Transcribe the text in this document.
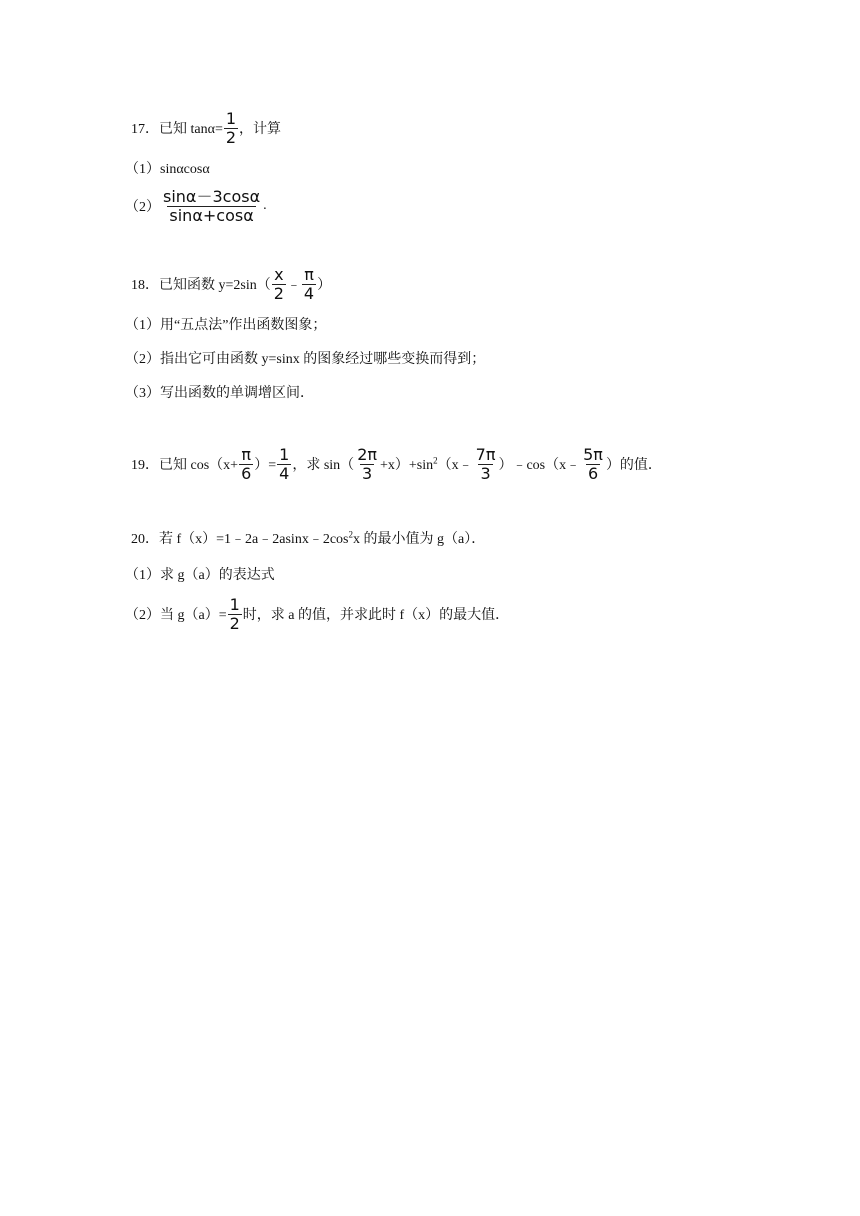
17．已知 $\tan\alpha= \frac{1}{2}$ ，计算
（1）sinαcosα
$(2) \frac{\sin\alpha-3\cos\alpha}{\sin\alpha+\cos\alpha}$ .
18．已知函数 $y=2\sin( \frac{x}{2}$ ﹣ $\frac{\pi}{4}$ ）
（1）用“五点法”作出函数图象；
（2）指出它可由函数 y=sinx 的图象经过哪些变换而得到；
（3）写出函数的单调增区间．
19．已知 $\cos(x+ \frac{\pi}{6}$ ）= $\frac{1}{4}$ ，求 $\sin( \frac{2\pi}{3} +x)+\sin^2$ （x﹣ $\frac{7\pi}{3}$ ）﹣cos（x﹣ $\frac{5\pi}{6}$ ）的值．
20．若 $f(x)=1﹣2a﹣2asinx﹣2\cos^2x$ 的最小值为 g（a）．
（1）求 g（a）的表达式
（2）当 $g(a)= \frac{1}{2}$ 时，求 a 的值，并求此时 f（x）的最大值．
